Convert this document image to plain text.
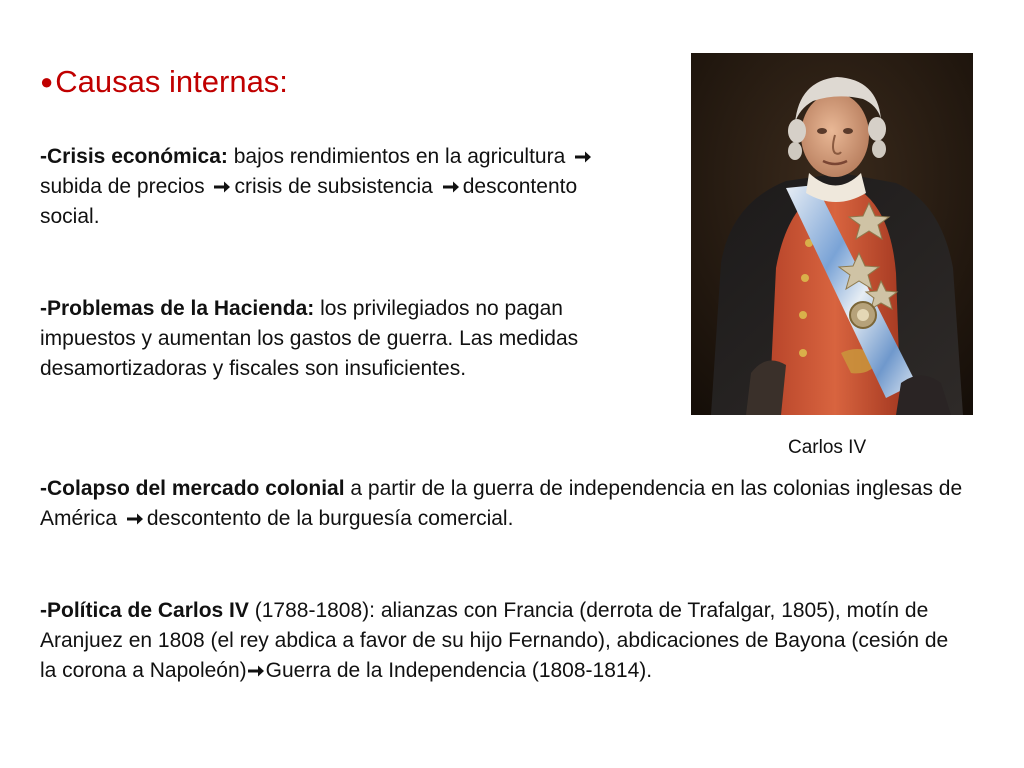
●Causas internas:
-Crisis económica: bajos rendimientos en la agricultura subida de precios crisis de subsistencia descontento social.
-Problemas de la Hacienda: los privilegiados no pagan impuestos y aumentan los gastos de guerra. Las medidas desamortizadoras y fiscales son insuficientes.
-Colapso del mercado colonial a partir de la guerra de independencia en las colonias inglesas de América descontento de la burguesía comercial.
-Política de Carlos IV (1788-1808): alianzas con Francia (derrota de Trafalgar, 1805), motín de Aranjuez en 1808 (el rey abdica a favor de su hijo Fernando), abdicaciones de Bayona (cesión de la corona a Napoleón) Guerra de la Independencia (1808-1814).
Carlos IV
